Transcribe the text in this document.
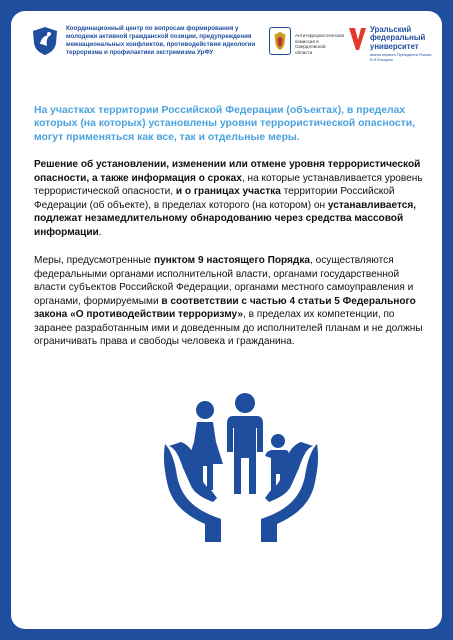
Координационный центр по вопросам формирования у молодежи активной гражданской позиции, предупреждения межнациональных конфликтов, противодействия идеологии терроризма и профилактики экстремизма УрФУ
Антитеррористическая комиссия в Свердловской области
Уральский федеральный университет
имени первого Президента России Б.Н.Ельцина
На участках территории Российской Федерации (объектах), в пределах которых (на которых) установлены уровни террористической опасности, могут применяться как все, так и отдельные меры.
Решение об установлении, изменении или отмене уровня террористической опасности, а также информация о сроках, на которые устанавливается уровень террористической опасности, и о границах участка территории Российской Федерации (об объекте), в пределах которого (на котором) он устанавливается, подлежат незамедлительному обнародованию через средства массовой информации.
Меры, предусмотренные пунктом 9 настоящего Порядка, осуществляются федеральными органами исполнительной власти, органами государственной власти субъектов Российской Федерации, органами местного самоуправления и органами, формируемыми в соответствии с частью 4 статьи 5 Федерального закона «О противодействии терроризму», в пределах их компетенции, по заранее разработанным ими и доведенным до исполнителей планам и не должны ограничивать права и свободы человека и гражданина.
